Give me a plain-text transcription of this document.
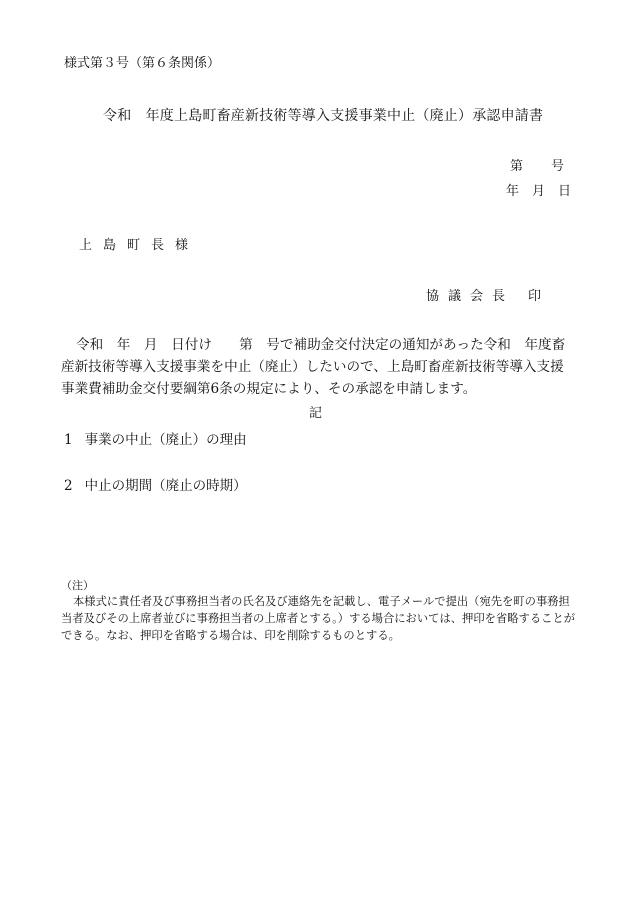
様式第３号（第６条関係）
令和　年度上島町畜産新技術等導入支援事業中止（廃止）承認申請書
第 号
年 月 日
上島町長様
協議会長 印
令和　年　月　日付け　　第　号で補助金交付決定の通知があった令和　年度畜産新技術等導入支援事業を中止（廃止）したいので、上島町畜産新技術等導入支援事業費補助金交付要綱第6条の規定により、その承認を申請します。
記
1 事業の中止（廃止）の理由
2 中止の期間（廃止の時期）
（注）
本様式に責任者及び事務担当者の氏名及び連絡先を記載し、電子メールで提出（宛先を町の事務担当者及びその上席者並びに事務担当者の上席者とする。）する場合においては、押印を省略することができる。なお、押印を省略する場合は、印を削除するものとする。
